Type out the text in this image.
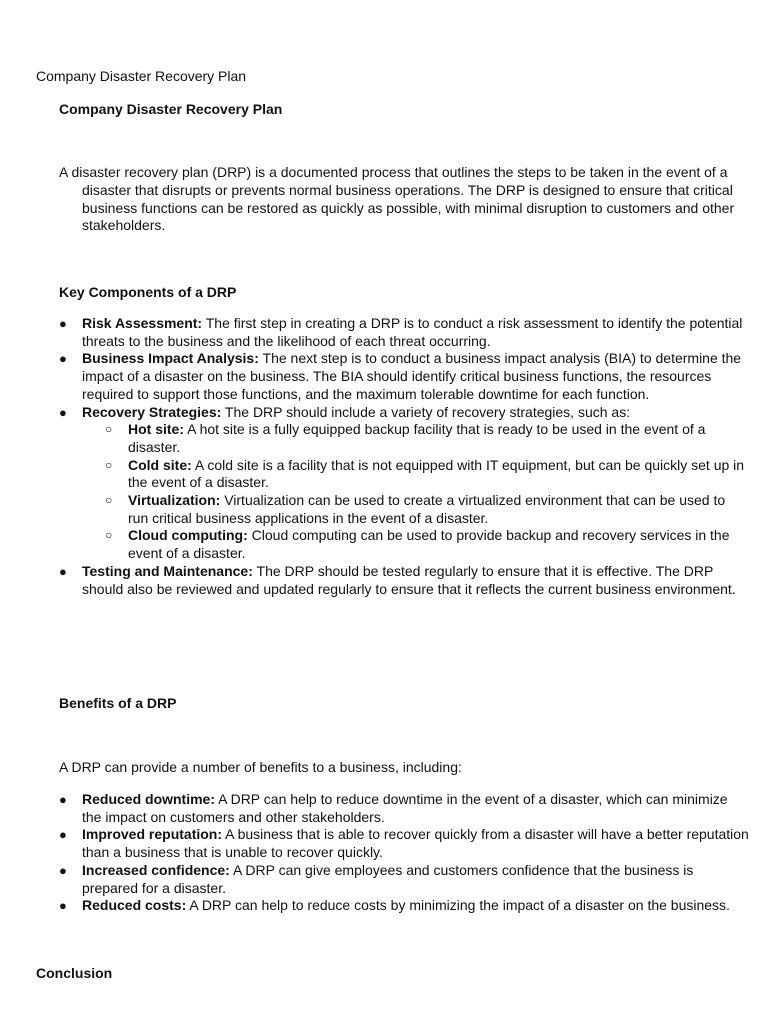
Company Disaster Recovery Plan
Company Disaster Recovery Plan
A disaster recovery plan (DRP) is a documented process that outlines the steps to be taken in the event of a disaster that disrupts or prevents normal business operations. The DRP is designed to ensure that critical business functions can be restored as quickly as possible, with minimal disruption to customers and other stakeholders.
Key Components of a DRP
● Risk Assessment: The first step in creating a DRP is to conduct a risk assessment to identify the potential threats to the business and the likelihood of each threat occurring.
● Business Impact Analysis: The next step is to conduct a business impact analysis (BIA) to determine the impact of a disaster on the business. The BIA should identify critical business functions, the resources required to support those functions, and the maximum tolerable downtime for each function.
● Recovery Strategies: The DRP should include a variety of recovery strategies, such as:
○ Hot site: A hot site is a fully equipped backup facility that is ready to be used in the event of a disaster.
○ Cold site: A cold site is a facility that is not equipped with IT equipment, but can be quickly set up in the event of a disaster.
○ Virtualization: Virtualization can be used to create a virtualized environment that can be used to run critical business applications in the event of a disaster.
○ Cloud computing: Cloud computing can be used to provide backup and recovery services in the event of a disaster.
● Testing and Maintenance: The DRP should be tested regularly to ensure that it is effective. The DRP should also be reviewed and updated regularly to ensure that it reflects the current business environment.
Benefits of a DRP
A DRP can provide a number of benefits to a business, including:
● Reduced downtime: A DRP can help to reduce downtime in the event of a disaster, which can minimize the impact on customers and other stakeholders.
● Improved reputation: A business that is able to recover quickly from a disaster will have a better reputation than a business that is unable to recover quickly.
● Increased confidence: A DRP can give employees and customers confidence that the business is prepared for a disaster.
● Reduced costs: A DRP can help to reduce costs by minimizing the impact of a disaster on the business.
Conclusion
